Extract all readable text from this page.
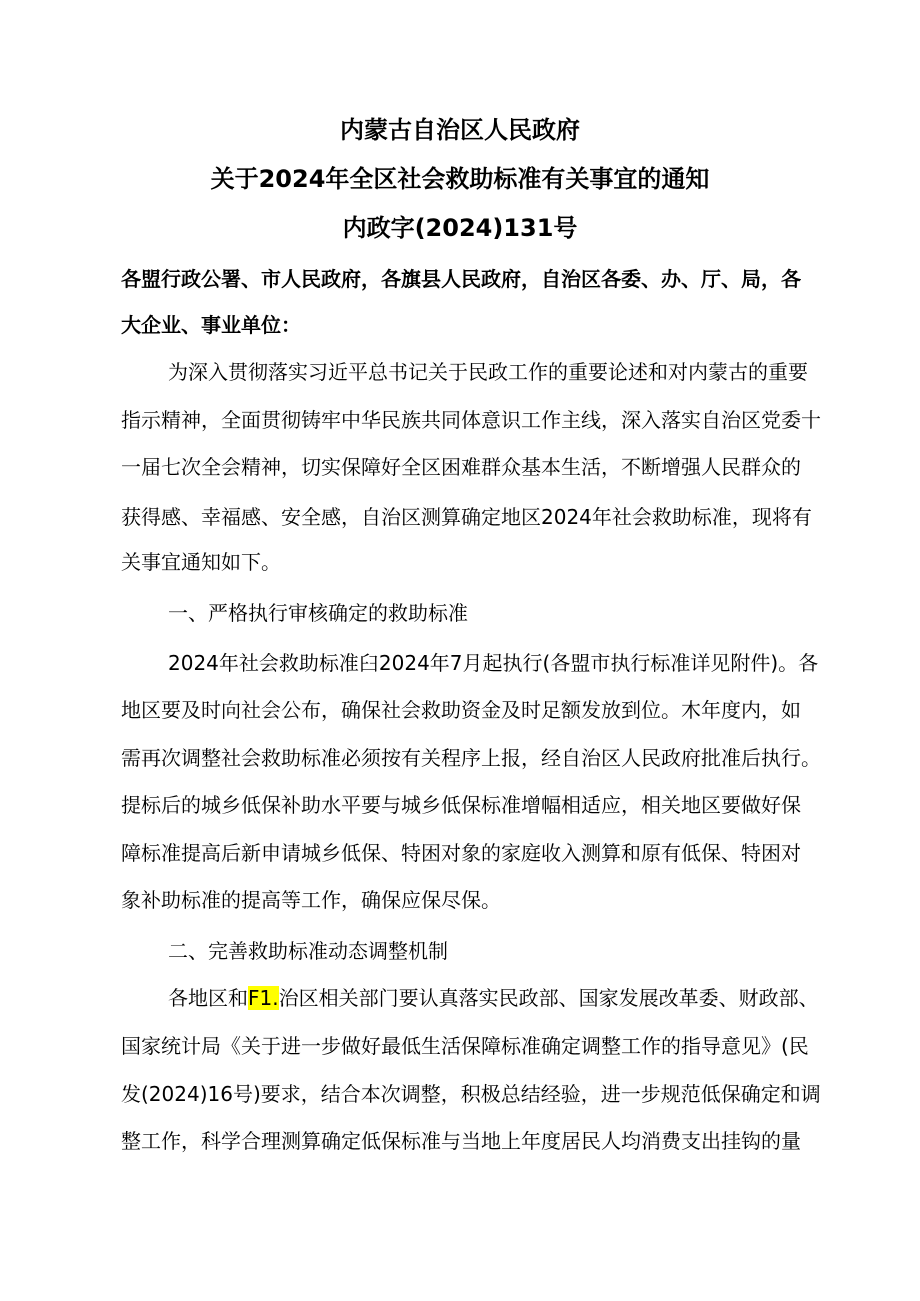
内蒙古自治区人民政府
关于2024年全区社会救助标准有关事宜的通知
内政字(2024)131号
各盟行政公署、市人民政府，各旗县人民政府，自治区各委、办、厅、局，各
大企业、事业单位：
为深入贯彻落实习近平总书记关于民政工作的重要论述和对内蒙古的重要
指示精神，全面贯彻铸牢中华民族共同体意识工作主线，深入落实自治区党委十
一届七次全会精神，切实保障好全区困难群众基本生活，不断增强人民群众的
获得感、幸福感、安全感，自治区测算确定地区2024年社会救助标准，现将有
关事宜通知如下。
一、严格执行审核确定的救助标准
2024年社会救助标准臼2024年7月起执行(各盟市执行标准详见附件)。各
地区要及时向社会公布，确保社会救助资金及时足额发放到位。木年度内，如
需再次调整社会救助标准必须按有关程序上报，经自治区人民政府批准后执行。
提标后的城乡低保补助水平要与城乡低保标准增幅相适应，相关地区要做好保
障标准提高后新申请城乡低保、特困对象的家庭收入测算和原有低保、特困对
象补助标准的提高等工作，确保应保尽保。
二、完善救助标准动态调整机制
各地区和F1.治区相关部门要认真落实民政部、国家发展改革委、财政部、
国家统计局《关于进一步做好最低生活保障标准确定调整工作的指导意见》(民
发(2024)16号)要求，结合本次调整，积极总结经验，进一步规范低保确定和调
整工作，科学合理测算确定低保标准与当地上年度居民人均消费支出挂钩的量
